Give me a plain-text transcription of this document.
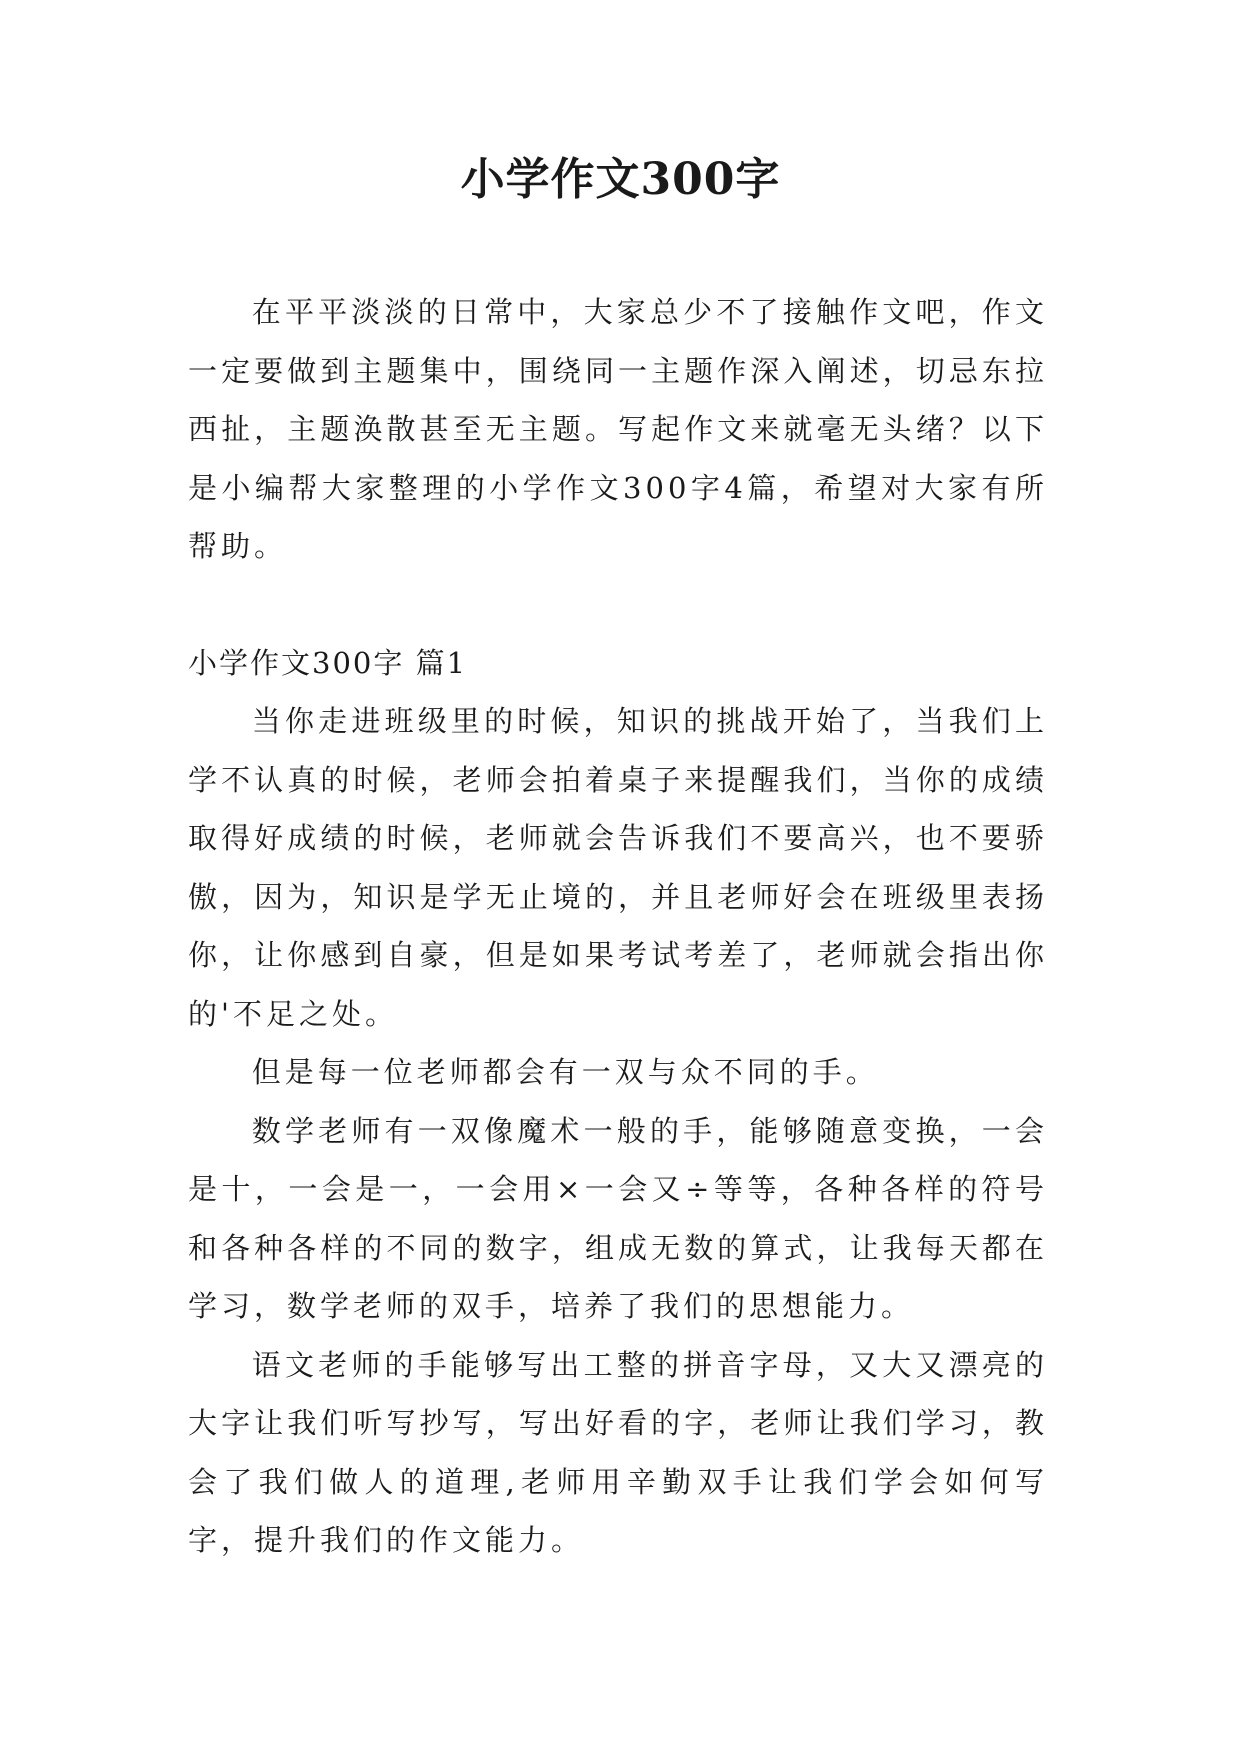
小学作文300字

在平平淡淡的日常中，大家总少不了接触作文吧，作文一定要做到主题集中，围绕同一主题作深入阐述，切忌东拉西扯，主题涣散甚至无主题。写起作文来就毫无头绪？以下是小编帮大家整理的小学作文300字4篇，希望对大家有所帮助。

小学作文300字 篇1

当你走进班级里的时候，知识的挑战开始了，当我们上学不认真的时候，老师会拍着桌子来提醒我们，当你的成绩取得好成绩的时候，老师就会告诉我们不要高兴，也不要骄傲，因为，知识是学无止境的，并且老师好会在班级里表扬你，让你感到自豪，但是如果考试考差了，老师就会指出你的'不足之处。

但是每一位老师都会有一双与众不同的手。

数学老师有一双像魔术一般的手，能够随意变换，一会是十，一会是一，一会用×一会又÷等等，各种各样的符号和各种各样的不同的数字，组成无数的算式，让我每天都在学习，数学老师的双手，培养了我们的思想能力。

语文老师的手能够写出工整的拼音字母，又大又漂亮的大字让我们听写抄写，写出好看的字，老师让我们学习，教会了我们做人的道理,老师用辛勤双手让我们学会如何写字，提升我们的作文能力。
